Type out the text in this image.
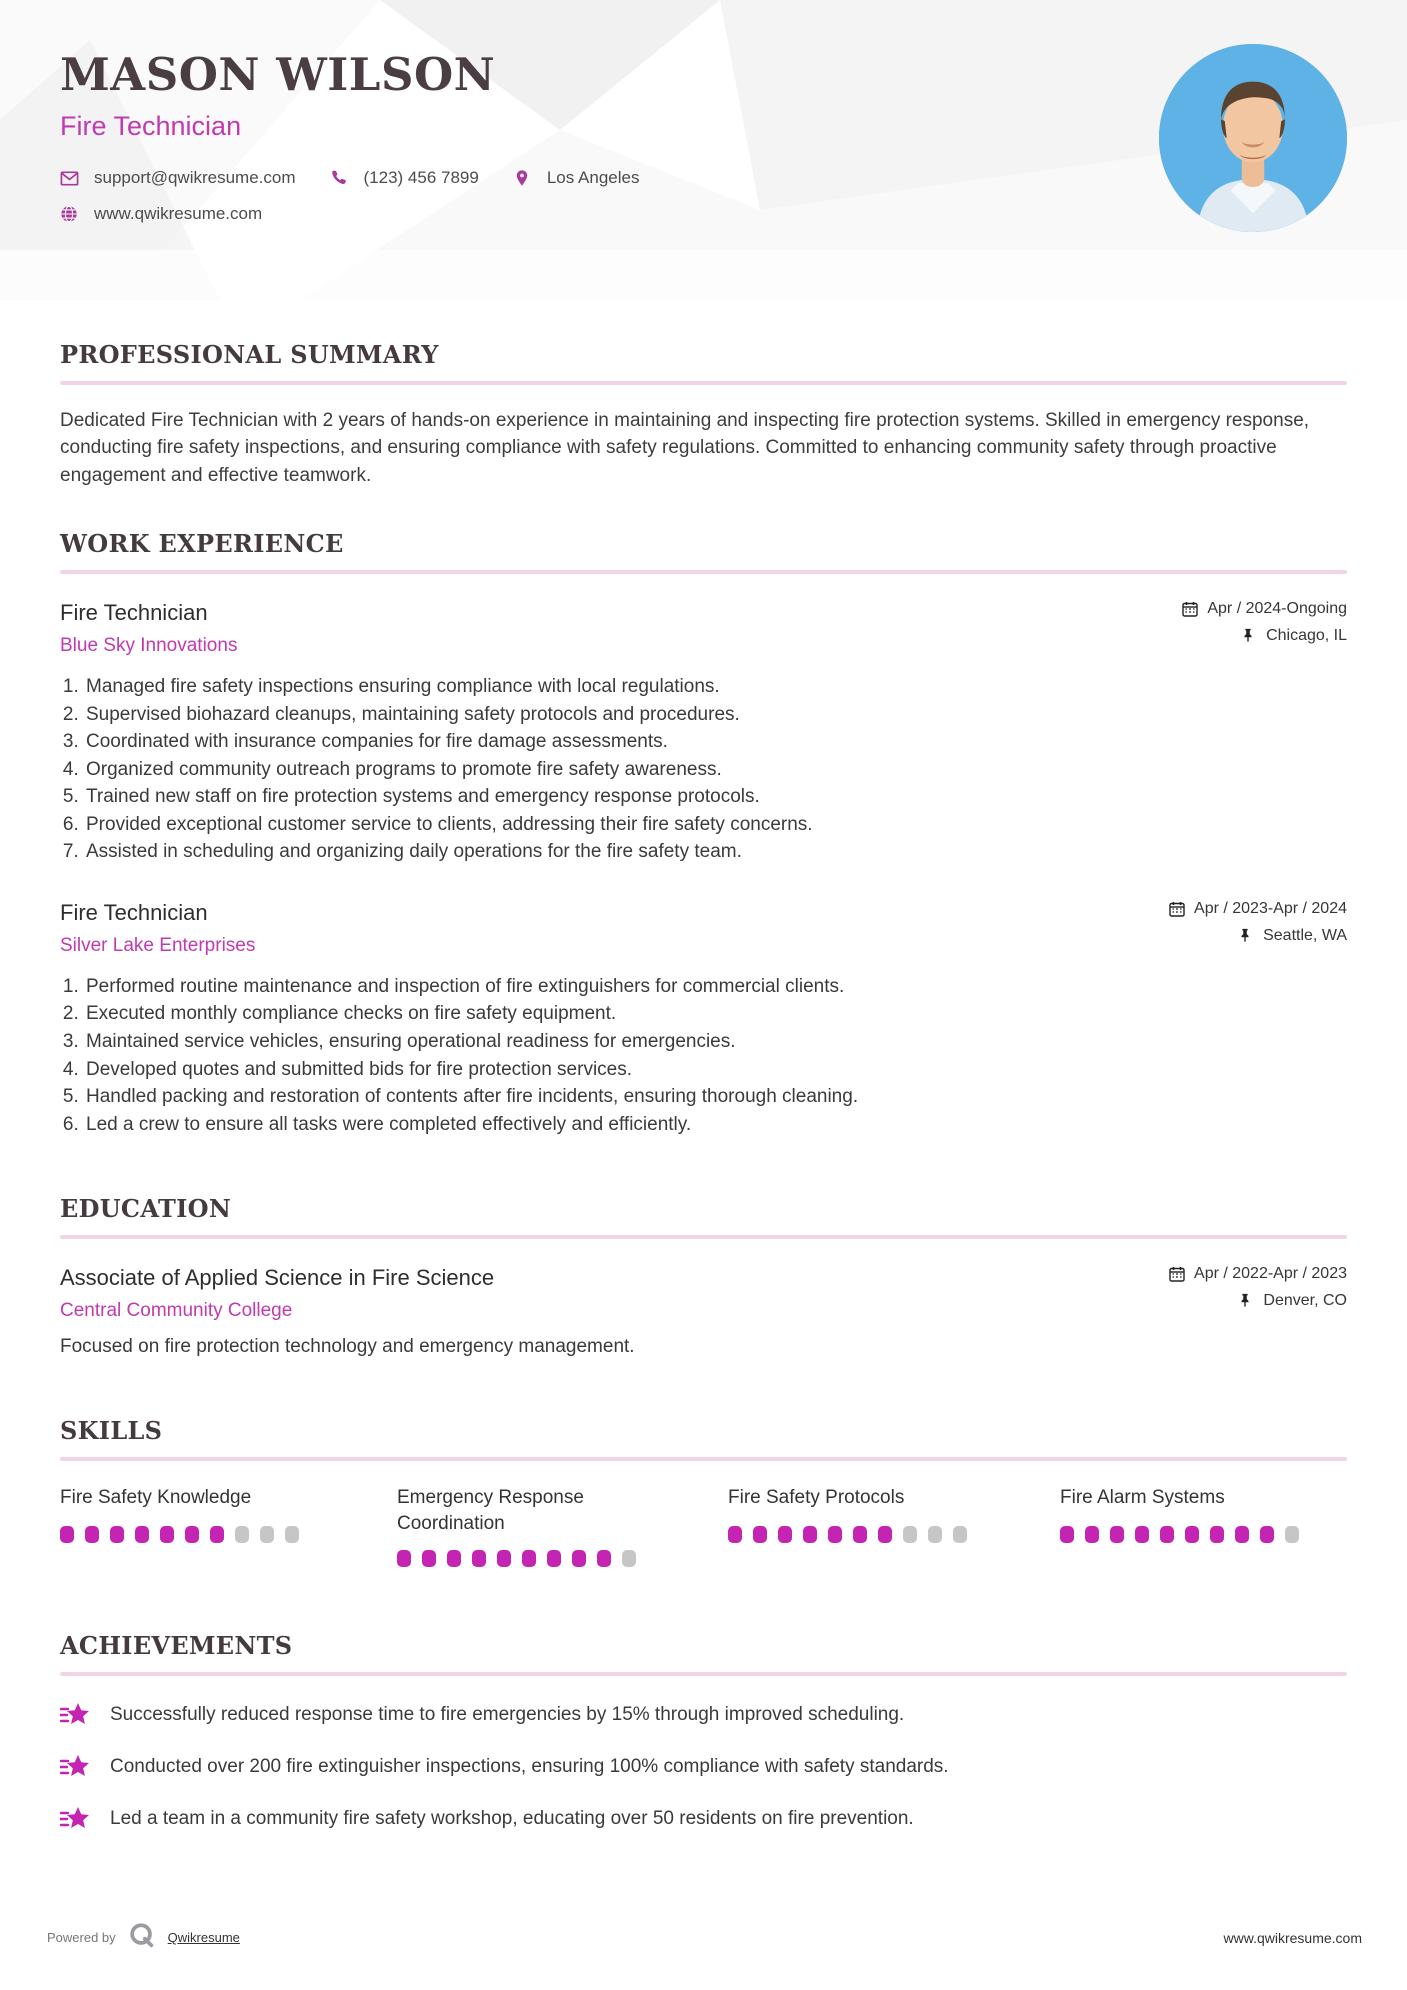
MASON WILSON
Fire Technician
support@qwikresume.com	(123) 456 7899	Los Angeles
www.qwikresume.com
PROFESSIONAL SUMMARY
Dedicated Fire Technician with 2 years of hands-on experience in maintaining and inspecting fire protection systems. Skilled in emergency response, conducting fire safety inspections, and ensuring compliance with safety regulations. Committed to enhancing community safety through proactive engagement and effective teamwork.
WORK EXPERIENCE
Fire Technician
Blue Sky Innovations
Apr / 2024-Ongoing
Chicago, IL
1. Managed fire safety inspections ensuring compliance with local regulations.
2. Supervised biohazard cleanups, maintaining safety protocols and procedures.
3. Coordinated with insurance companies for fire damage assessments.
4. Organized community outreach programs to promote fire safety awareness.
5. Trained new staff on fire protection systems and emergency response protocols.
6. Provided exceptional customer service to clients, addressing their fire safety concerns.
7. Assisted in scheduling and organizing daily operations for the fire safety team.
Fire Technician
Silver Lake Enterprises
Apr / 2023-Apr / 2024
Seattle, WA
1. Performed routine maintenance and inspection of fire extinguishers for commercial clients.
2. Executed monthly compliance checks on fire safety equipment.
3. Maintained service vehicles, ensuring operational readiness for emergencies.
4. Developed quotes and submitted bids for fire protection services.
5. Handled packing and restoration of contents after fire incidents, ensuring thorough cleaning.
6. Led a crew to ensure all tasks were completed effectively and efficiently.
EDUCATION
Associate of Applied Science in Fire Science
Central Community College
Apr / 2022-Apr / 2023
Denver, CO
Focused on fire protection technology and emergency management.
SKILLS
Fire Safety Knowledge	Emergency Response Coordination
Fire Safety Protocols	Fire Alarm Systems
ACHIEVEMENTS
Successfully reduced response time to fire emergencies by 15% through improved scheduling.
Conducted over 200 fire extinguisher inspections, ensuring 100% compliance with safety standards.
Led a team in a community fire safety workshop, educating over 50 residents on fire prevention.
Powered by	Qwikresume	www.qwikresume.com
